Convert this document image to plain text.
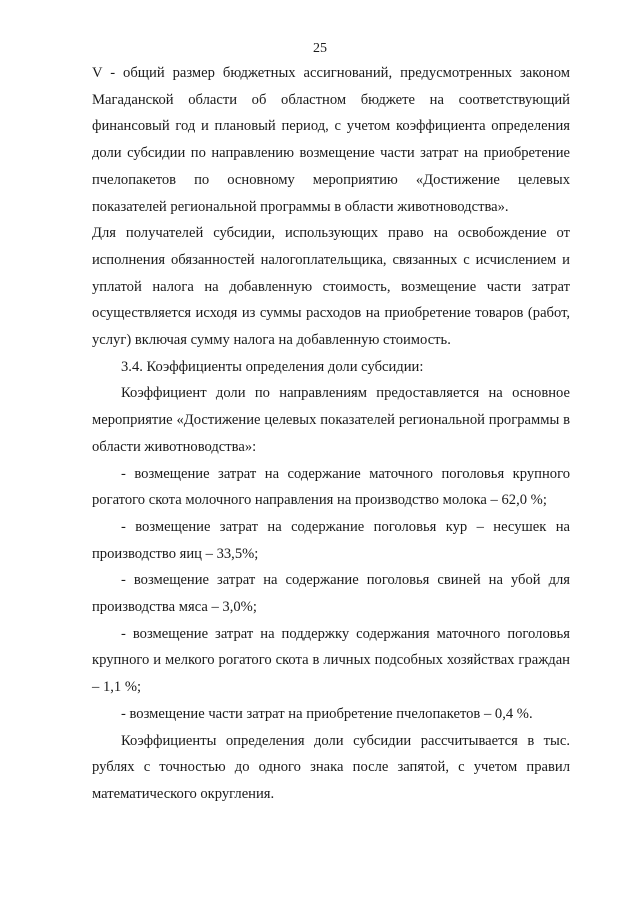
25

V - общий размер бюджетных ассигнований, предусмотренных законом Магаданской области об областном бюджете на соответствующий финансовый год и плановый период, с учетом коэффициента определения доли субсидии по направлению возмещение части затрат на приобретение пчелопакетов по основному мероприятию «Достижение целевых показателей региональной программы в области животноводства».

Для получателей субсидии, использующих право на освобождение от исполнения обязанностей налогоплательщика, связанных с исчислением и уплатой налога на добавленную стоимость, возмещение части затрат осуществляется исходя из суммы расходов на приобретение товаров (работ, услуг) включая сумму налога на добавленную стоимость.

3.4. Коэффициенты определения доли субсидии:

Коэффициент доли по направлениям предоставляется на основное мероприятие «Достижение целевых показателей региональной программы в области животноводства»:

- возмещение затрат на содержание маточного поголовья крупного рогатого скота молочного направления на производство молока – 62,0 %;

- возмещение затрат на содержание поголовья кур – несушек на производство яиц – 33,5%;

- возмещение затрат на содержание поголовья свиней на убой для производства мяса – 3,0%;

- возмещение затрат на поддержку содержания маточного поголовья крупного и мелкого рогатого скота в личных подсобных хозяйствах граждан – 1,1 %;

- возмещение части затрат на приобретение пчелопакетов – 0,4 %.

Коэффициенты определения доли субсидии рассчитывается в тыс. рублях с точностью до одного знака после запятой, с учетом правил математического округления.
